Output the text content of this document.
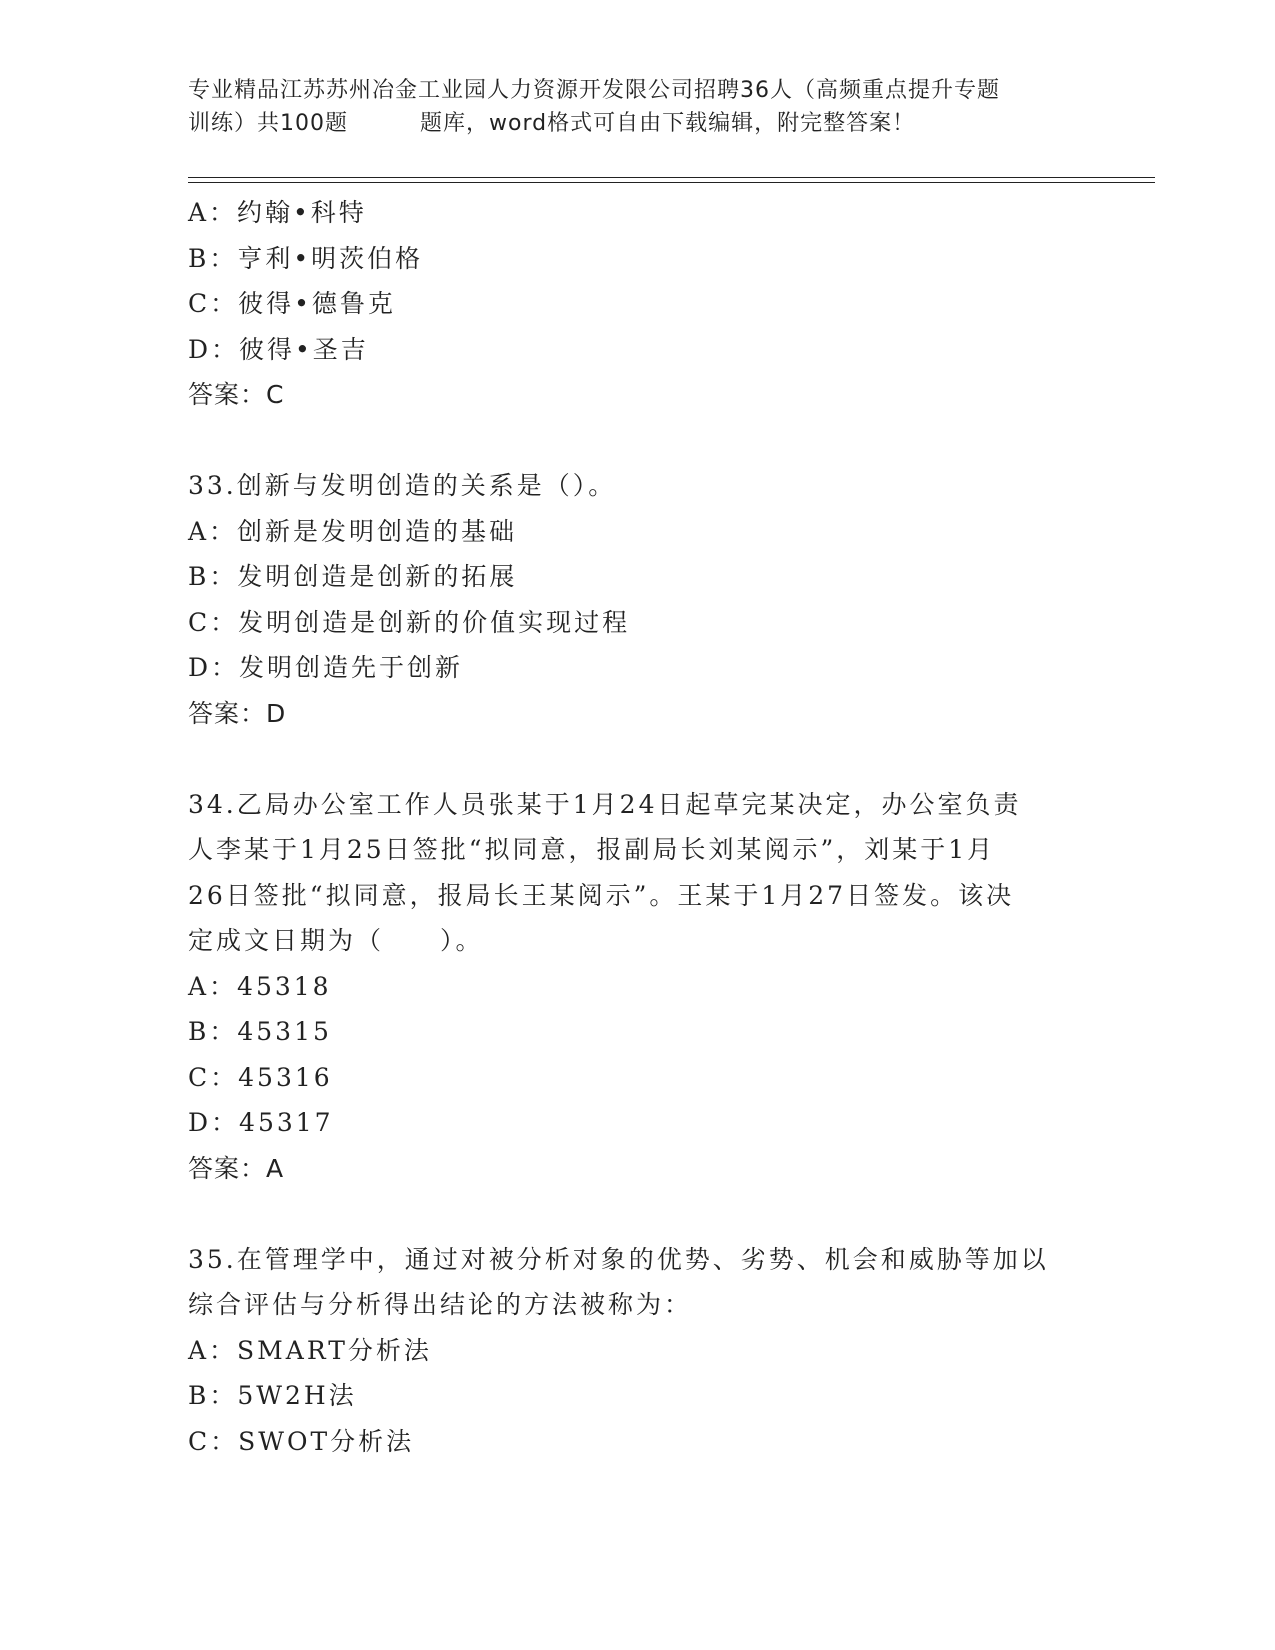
专业精品江苏苏州冶金工业园人力资源开发限公司招聘36人（高频重点提升专题
训练）共100题	题库，word格式可自由下载编辑，附完整答案！
A：约翰•科特
B：亨利•明茨伯格
C：彼得•德鲁克
D：彼得•圣吉
答案：C
33.创新与发明创造的关系是（）。
A：创新是发明创造的基础
B：发明创造是创新的拓展
C：发明创造是创新的价值实现过程
D：发明创造先于创新
答案：D
34.乙局办公室工作人员张某于1月24日起草完某决定，办公室负责
人李某于1月25日签批“拟同意，报副局长刘某阅示”，刘某于1月
26日签批“拟同意，报局长王某阅示”。王某于1月27日签发。该决
定成文日期为（　　）。
A：45318
B：45315
C：45316
D：45317
答案：A
35.在管理学中，通过对被分析对象的优势、劣势、机会和威胁等加以
综合评估与分析得出结论的方法被称为：
A：SMART分析法
B：5W2H法
C：SWOT分析法
